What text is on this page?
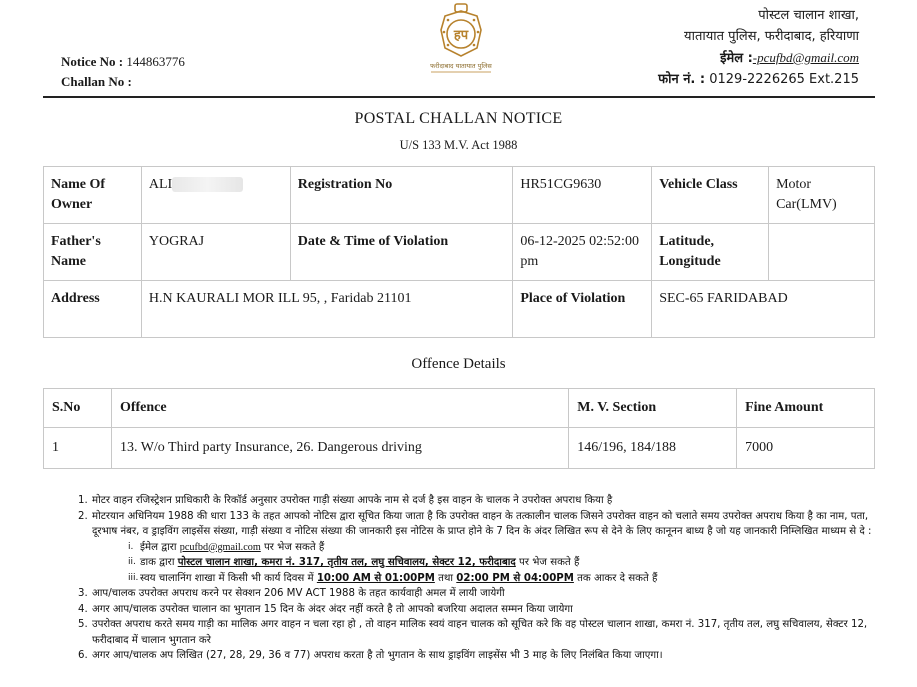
Notice No : 144863776
Challan No :
हप
फरीदाबाद यातायात पुलिस
पोस्टल चालान शाखा,
यातायात पुलिस, फरीदाबाद, हरियाणा
ईमेल :-pcufbd@gmail.com
फोन नं. : 0129-2226265 Ext.215
POSTAL CHALLAN NOTICE
U/S 133 M.V. Act 1988
Name Of Owner	ALI	Registration No	HR51CG9630	Vehicle Class	Motor Car(LMV)
Father's Name	YOGRAJ	Date & Time of Violation	06-12-2025 02:52:00 pm	Latitude, Longitude	
Address	H.N KAURALI MOR ILL 95, , Faridab 21101		Place of Violation	SEC-65 FARIDABAD	
Offence Details
S.No	Offence	M. V. Section	Fine Amount
1	13. W/o Third party Insurance, 26. Dangerous driving	146/196, 184/188	7000
1. मोटर वाहन रजिस्ट्रेशन प्राधिकारी के रिकॉर्ड अनुसार उपरोक्त गाड़ी संख्या आपके नाम से दर्ज है इस वाहन के चालक ने उपरोक्त अपराध किया है
2. मोटरयान अधिनियम 1988 की धारा 133 के तहत आपको नोटिस द्वारा सूचित किया जाता है कि उपरोक्त वाहन के तत्कालीन चालक जिसने उपरोक्त वाहन को चलाते समय उपरोक्त अपराध किया है का नाम, पता, दूरभाष नंबर, व ड्राइविंग लाइसेंस संख्या, गाड़ी संख्या व नोटिस संख्या की जानकारी इस नोटिस के प्राप्त होने के 7 दिन के अंदर लिखित रूप से देने के लिए कानूनन बाध्य है जो यह जानकारी निम्लिखित माध्यम से दे :
i. ईमेल द्वारा pcufbd@gmail.com पर भेज सकते हैं
ii. डाक द्वारा पोस्टल चालान शाखा, कमरा नं. 317, तृतीय तल, लघु सचिवालय, सेक्टर 12, फरीदाबाद पर भेज सकते हैं
iii. स्वय चालानिंग शाखा में किसी भी कार्य दिवस में 10:00 AM से 01:00PM तथा 02:00 PM से 04:00PM तक आकर दे सकते हैं
3. आप/चालक उपरोक्त अपराध करने पर सेक्शन 206 MV ACT 1988 के तहत कार्यवाही अमल में लायी जायेगी
4. अगर आप/चालक उपरोक्त चालान का भुगतान 15 दिन के अंदर अंदर नहीं करते है तो आपको बजरिया अदालत सम्मन किया जायेगा
5. उपरोक्त अपराध करते समय गाड़ी का मालिक अगर वाहन न चला रहा हो , तो वाहन मालिक स्वयं वाहन चालक को सूचित करे कि वह पोस्टल चालान शाखा, कमरा नं. 317, तृतीय तल, लघु सचिवालय, सेक्टर 12, फरीदाबाद में चालान भुगतान करे
6. अगर आप/चालक अप लिखित (27, 28, 29, 36 व 77) अपराध करता है तो भुगतान के साथ ड्राइविंग लाइसेंस भी 3 माह के लिए निलंबित किया जाएगा।
